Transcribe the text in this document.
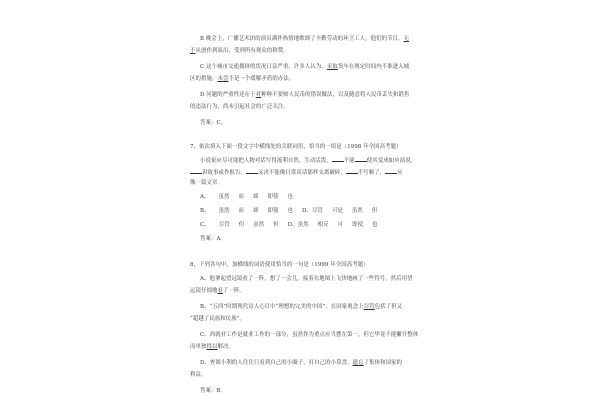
B 晚会上，广播艺术团的演员满怀热情地歌颂了辛勤劳动的环卫工人，他们的节目，无
不从创作到演出，受到所有观众的称赞。
C 这个城市交通拥挤的状况日益严重，许多人认为，采取货车在规定时间内不准进入城
区的措施，未尝不是一个缓解矛盾的办法。
D 问题的严重性还在于对种种不要赔人民币的错误做法，以及随意将人民币丢失和销售
的违法行为，尚未引起社会的广泛关注。
答案：C。
7、依次填入下面一段文字中横线处的关联词语，恰当的一组是（1998 年全国高考题）
小说家应尽可能把人物对话写得流利自然，生动活泼， 不能 使其变成如应演说，
讲故事或作报告， 又决不能像日常谈话那样支离破碎， 不写顺了， 应
像一篇文章。
A、 虽然 而 却 即使 也
B、 虽然 而 却 即使 也 D、尽管 可是 虽然 但
C、 尽管 但 虽然 但 D、虽然 相反 可 即使 也
答案：A。
8、下列各句中，加横线的词语使用恰当的一句是（1999 年全国高考题）
A、他拿起望远镜看了一阵，想了一会儿，接着在地图上飞快地画了一些符号，然后用望
远镜仔细地看了一阵。
B、“五四”时期现代诗人心目中“理想的完美的中国”，在国家观念上尽管包括了但又
“超越了民族和民族”。
C、西就业工作是就业工作的一部分，虽然作为重点应当摆在第一，但它毕竟不能撇开整体
而单独得以解决。
D、查图小利的人往往只看到自己的小圈子，打自己的小算盘，遗忘了集体和国家的
利益。
答案：B。
